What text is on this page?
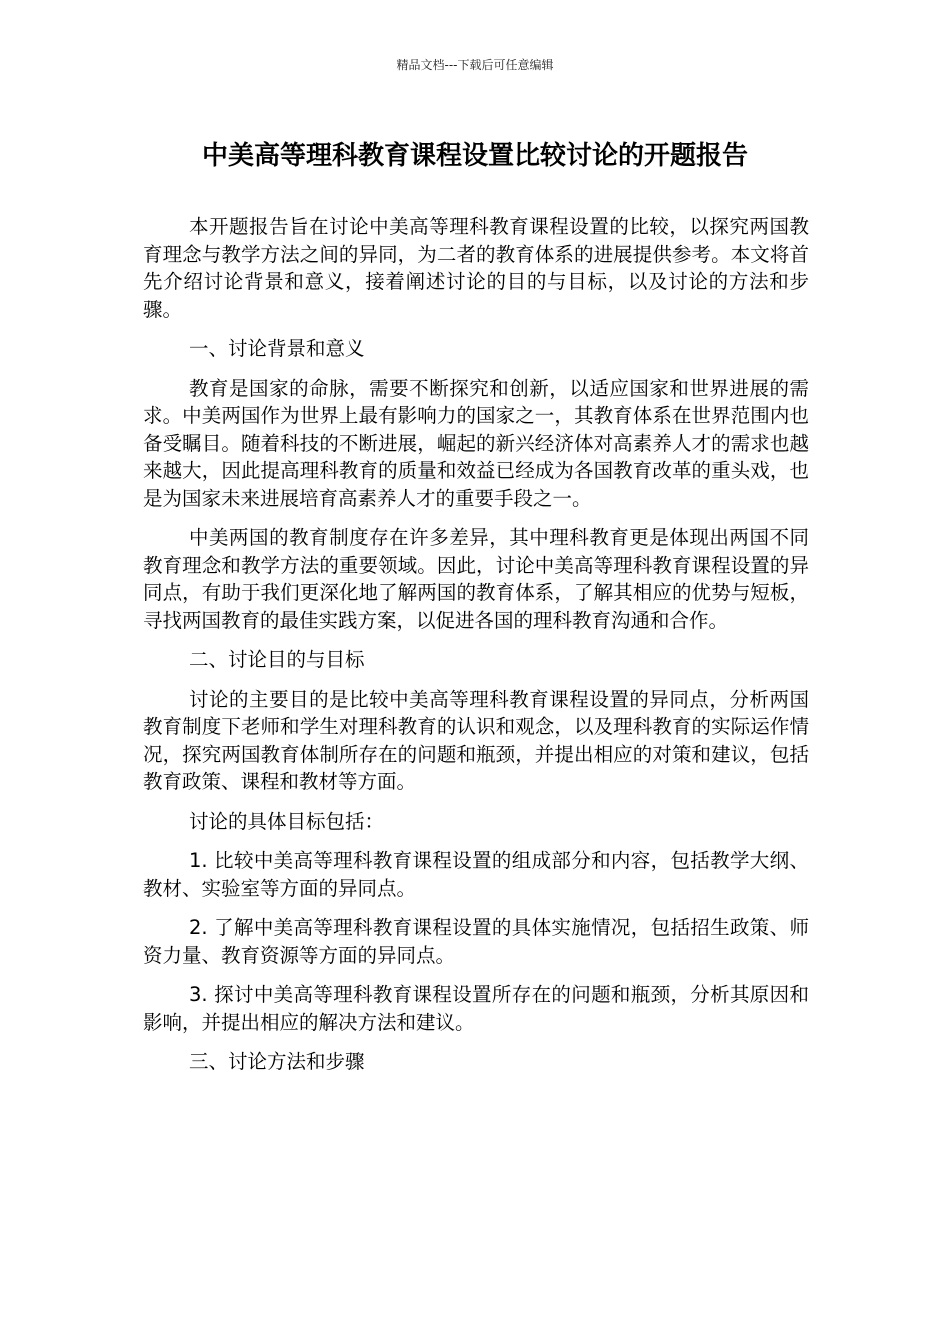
精品文档---下载后可任意编辑
中美高等理科教育课程设置比较讨论的开题报告

本开题报告旨在讨论中美高等理科教育课程设置的比较，以探究两国教育理念与教学方法之间的异同，为二者的教育体系的进展提供参考。本文将首先介绍讨论背景和意义，接着阐述讨论的目的与目标，以及讨论的方法和步骤。

一、讨论背景和意义

教育是国家的命脉，需要不断探究和创新，以适应国家和世界进展的需求。中美两国作为世界上最有影响力的国家之一，其教育体系在世界范围内也备受瞩目。随着科技的不断进展，崛起的新兴经济体对高素养人才的需求也越来越大，因此提高理科教育的质量和效益已经成为各国教育改革的重头戏，也是为国家未来进展培育高素养人才的重要手段之一。

中美两国的教育制度存在许多差异，其中理科教育更是体现出两国不同教育理念和教学方法的重要领域。因此，讨论中美高等理科教育课程设置的异同点，有助于我们更深化地了解两国的教育体系，了解其相应的优势与短板，寻找两国教育的最佳实践方案，以促进各国的理科教育沟通和合作。

二、讨论目的与目标

讨论的主要目的是比较中美高等理科教育课程设置的异同点，分析两国教育制度下老师和学生对理科教育的认识和观念，以及理科教育的实际运作情况，探究两国教育体制所存在的问题和瓶颈，并提出相应的对策和建议，包括教育政策、课程和教材等方面。

讨论的具体目标包括：

1. 比较中美高等理科教育课程设置的组成部分和内容，包括教学大纲、教材、实验室等方面的异同点。

2. 了解中美高等理科教育课程设置的具体实施情况，包括招生政策、师资力量、教育资源等方面的异同点。

3. 探讨中美高等理科教育课程设置所存在的问题和瓶颈，分析其原因和影响，并提出相应的解决方法和建议。

三、讨论方法和步骤
